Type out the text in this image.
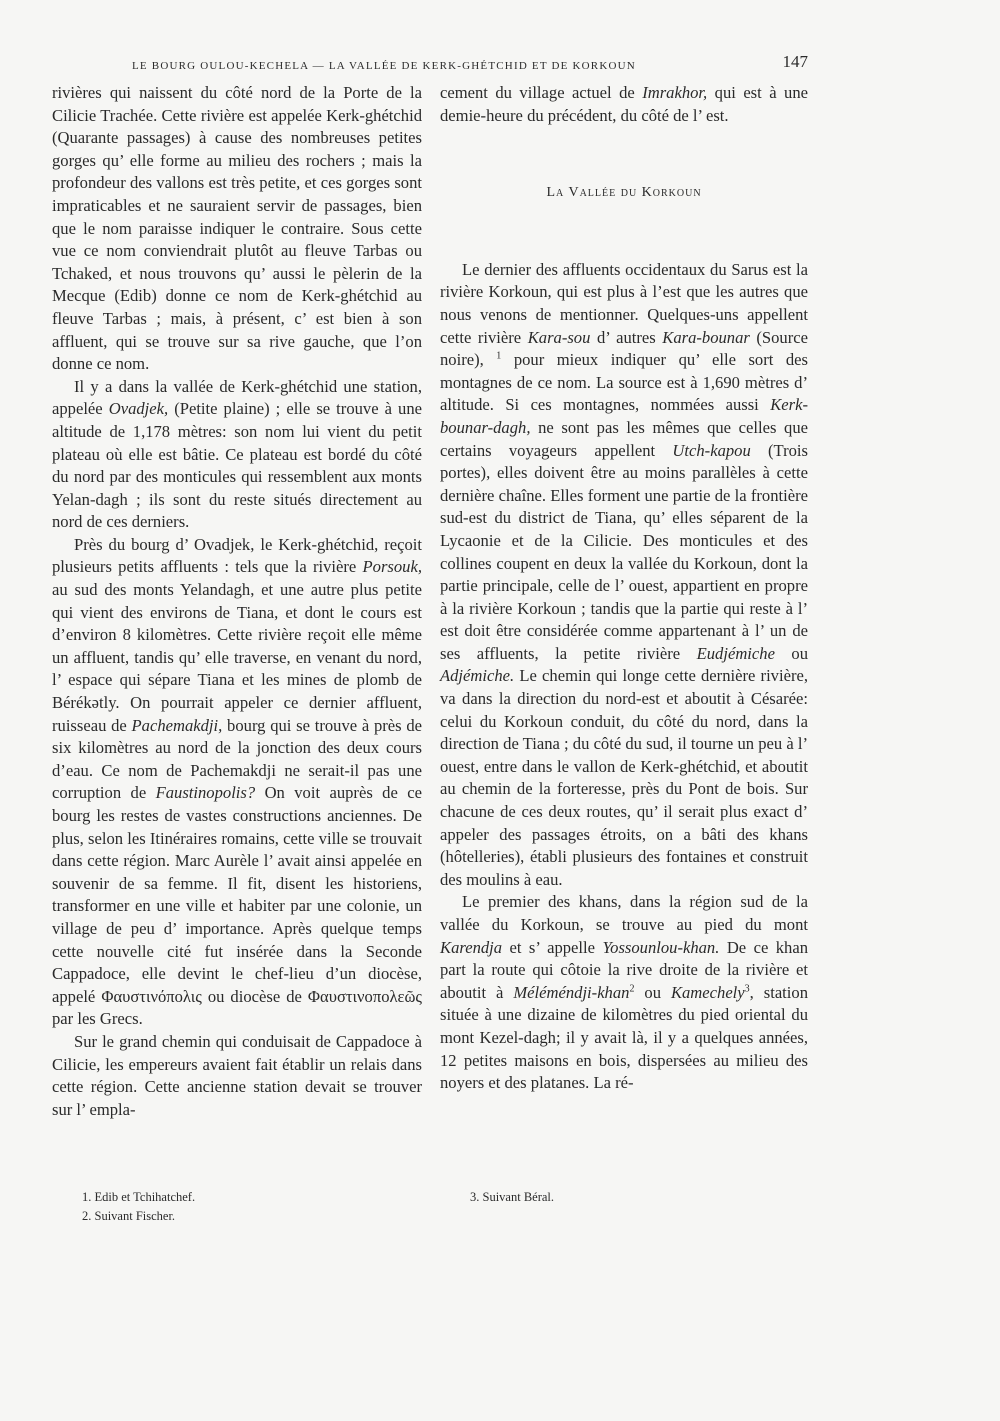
LE BOURG OULOU-KECHELA — LA VALLÉE DE KERK-GHÉTCHID ET DE KORKOUN	147

rivières qui naissent du côté nord de la Porte de la Cilicie Trachée. Cette rivière est appelée Kerk-ghétchid (Quarante passages) à cause des nombreuses petites gorges qu’ elle forme au milieu des rochers ; mais la profondeur des vallons est très petite, et ces gorges sont impraticables et ne sauraient servir de passages, bien que le nom paraisse indiquer le contraire. Sous cette vue ce nom conviendrait plutôt au fleuve Tarbas ou Tchaked, et nous trouvons qu’ aussi le pèlerin de la Mecque (Edib) donne ce nom de Kerk-ghétchid au fleuve Tarbas ; mais, à présent, c’ est bien à son affluent, qui se trouve sur sa rive gauche, que l’on donne ce nom.

Il y a dans la vallée de Kerk-ghétchid une station, appelée Ovadjek, (Petite plaine) ; elle se trouve à une altitude de 1,178 mètres: son nom lui vient du petit plateau où elle est bâtie. Ce plateau est bordé du côté du nord par des monticules qui ressemblent aux monts Yelan-dagh ; ils sont du reste situés directement au nord de ces derniers.

Près du bourg d’ Ovadjek, le Kerk-ghétchid, reçoit plusieurs petits affluents : tels que la rivière Porsouk, au sud des monts Yelandagh, et une autre plus petite qui vient des environs de Tiana, et dont le cours est d’environ 8 kilomètres. Cette rivière reçoit elle même un affluent, tandis qu’ elle traverse, en venant du nord, l’ espace qui sépare Tiana et les mines de plomb de Bérékətly. On pourrait appeler ce dernier affluent, ruisseau de Pachemakdji, bourg qui se trouve à près de six kilomètres au nord de la jonction des deux cours d’eau. Ce nom de Pachemakdji ne serait-il pas une corruption de Faustinopolis? On voit auprès de ce bourg les restes de vastes constructions anciennes. De plus, selon les Itinéraires romains, cette ville se trouvait dans cette région. Marc Aurèle l’ avait ainsi appelée en souvenir de sa femme. Il fit, disent les historiens, transformer en une ville et habiter par une colonie, un village de peu d’ importance. Après quelque temps cette nouvelle cité fut insérée dans la Seconde Cappadoce, elle devint le chef-lieu d’un diocèse, appelé Φαυστινόπολις ou diocèse de Φαυστινοπολεῶς par les Grecs.

Sur le grand chemin qui conduisait de Cappadoce à Cilicie, les empereurs avaient fait établir un relais dans cette région. Cette ancienne station devait se trouver sur l’ empla-

cement du village actuel de Imrakhor, qui est à une demie-heure du précédent, du côté de l’ est.

La Vallée du Korkoun

Le dernier des affluents occidentaux du Sarus est la rivière Korkoun, qui est plus à l’est que les autres que nous venons de mentionner. Quelques-uns appellent cette rivière Kara-sou d’ autres Kara-bounar (Source noire), $^1$ pour mieux indiquer qu’ elle sort des montagnes de ce nom. La source est à 1,690 mètres d’ altitude. Si ces montagnes, nommées aussi Kerk-bounar-dagh, ne sont pas les mêmes que celles que certains voyageurs appellent Utch-kapou (Trois portes), elles doivent être au moins parallèles à cette dernière chaîne. Elles forment une partie de la frontière sud-est du district de Tiana, qu’ elles séparent de la Lycaonie et de la Cilicie. Des monticules et des collines coupent en deux la vallée du Korkoun, dont la partie principale, celle de l’ ouest, appartient en propre à la rivière Korkoun ; tandis que la partie qui reste à l’ est doit être considérée comme appartenant à l’ un de ses affluents, la petite rivière Eudjémiche ou Adjémiche. Le chemin qui longe cette dernière rivière, va dans la direction du nord-est et aboutit à Césarée: celui du Korkoun conduit, du côté du nord, dans la direction de Tiana ; du côté du sud, il tourne un peu à l’ ouest, entre dans le vallon de Kerk-ghétchid, et aboutit au chemin de la forteresse, près du Pont de bois. Sur chacune de ces deux routes, qu’ il serait plus exact d’ appeler des passages étroits, on a bâti des khans (hôtelleries), établi plusieurs des fontaines et construit des moulins à eau.

Le premier des khans, dans la région sud de la vallée du Korkoun, se trouve au pied du mont Karendja et s’ appelle Yossounlou-khan. De ce khan part la route qui côtoie la rive droite de la rivière et aboutit à Méléméndji-khan$^2$ ou Kamechely$^3$, station située à une dizaine de kilomètres du pied oriental du mont Kezel-dagh; il y avait là, il y a quelques années, 12 petites maisons en bois, dispersées au milieu des noyers et des platanes. La ré-

1. Edib et Tchihatchef.
2. Suivant Fischer.
3. Suivant Béral.
